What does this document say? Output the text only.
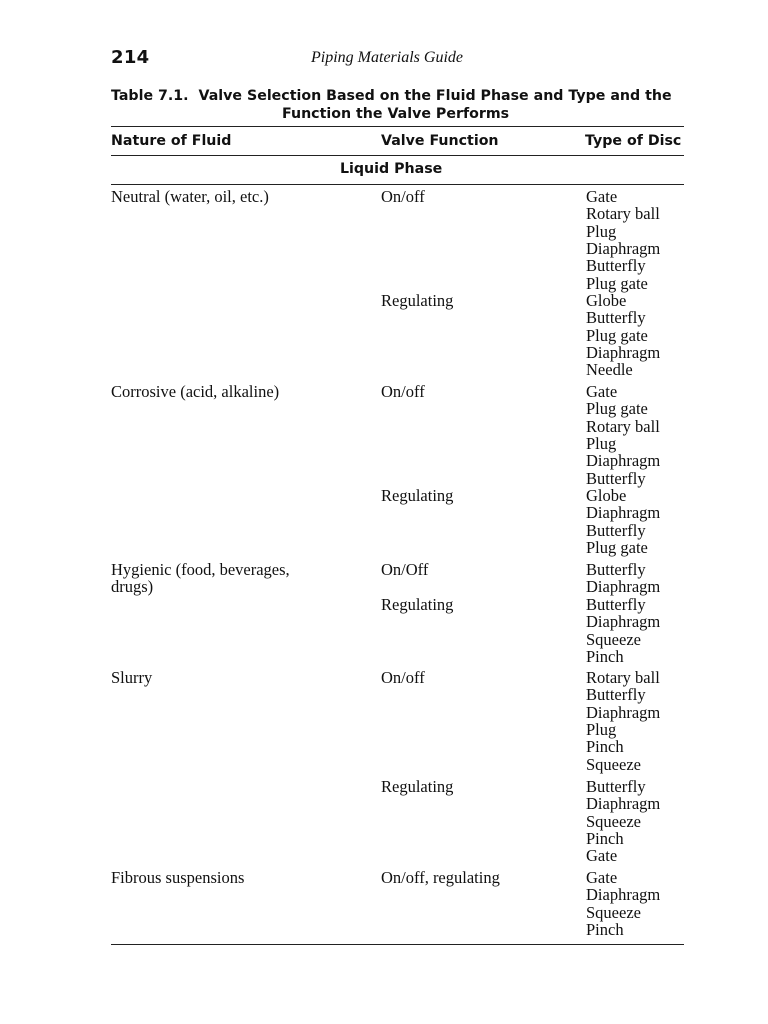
214	Piping Materials Guide
Table 7.1. Valve Selection Based on the Fluid Phase and Type and the
Function the Valve Performs
Nature of Fluid	Valve Function	Type of Disc
Liquid Phase
Neutral (water, oil, etc.)	On/off	Gate
Rotary ball
Plug
Diaphragm
Butterfly
Plug gate
Regulating	Globe
Butterfly
Plug gate
Diaphragm
Needle
Corrosive (acid, alkaline)	On/off	Gate
Plug gate
Rotary ball
Plug
Diaphragm
Butterfly
Regulating	Globe
Diaphragm
Butterfly
Plug gate
Hygienic (food, beverages,
drugs)
On/Off	Butterfly
Diaphragm
Regulating	Butterfly
Diaphragm
Squeeze
Pinch
Slurry	On/off	Rotary ball
Butterfly
Diaphragm
Plug
Pinch
Squeeze
Regulating	Butterfly
Diaphragm
Squeeze
Pinch
Gate
Fibrous suspensions	On/off, regulating	Gate
Diaphragm
Squeeze
Pinch
